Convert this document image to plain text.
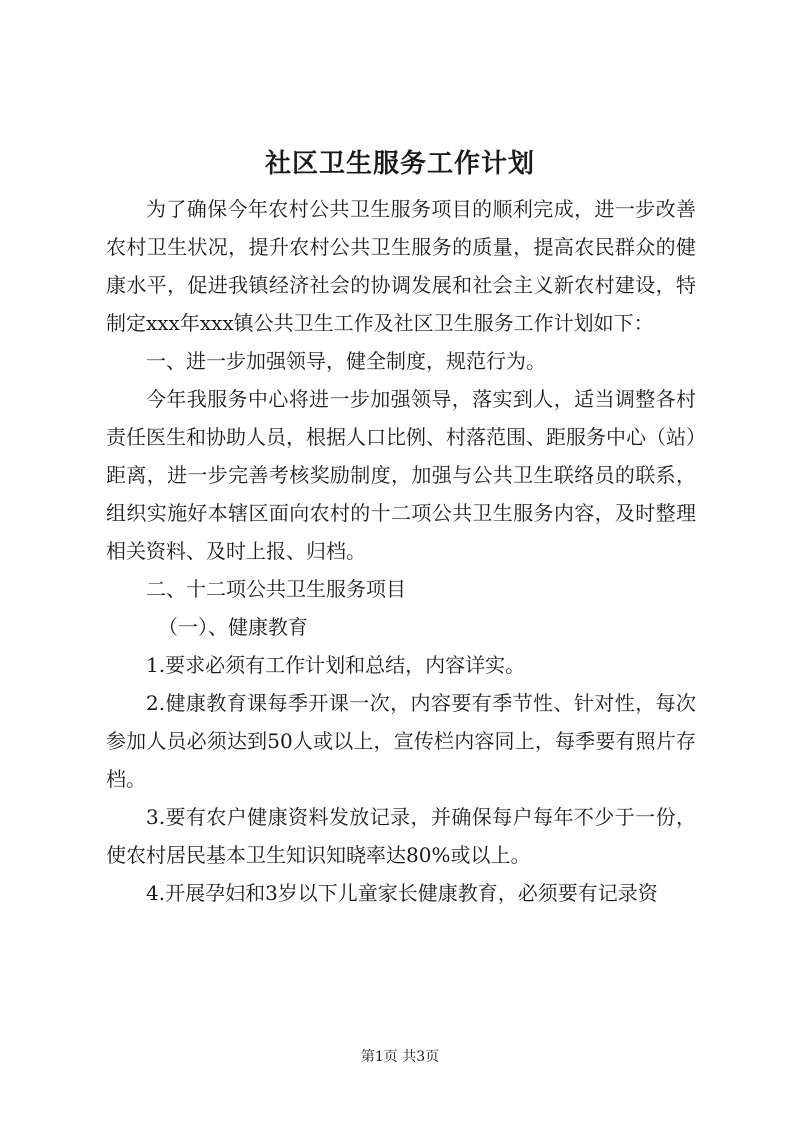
社区卫生服务工作计划

为了确保今年农村公共卫生服务项目的顺利完成，进一步改善农村卫生状况，提升农村公共卫生服务的质量，提高农民群众的健康水平，促进我镇经济社会的协调发展和社会主义新农村建设，特制定xxx年xxx镇公共卫生工作及社区卫生服务工作计划如下：

一、进一步加强领导，健全制度，规范行为。

今年我服务中心将进一步加强领导，落实到人，适当调整各村责任医生和协助人员，根据人口比例、村落范围、距服务中心（站）距离，进一步完善考核奖励制度，加强与公共卫生联络员的联系，组织实施好本辖区面向农村的十二项公共卫生服务内容，及时整理相关资料、及时上报、归档。

二、十二项公共卫生服务项目

（一）、健康教育

1.要求必须有工作计划和总结，内容详实。

2.健康教育课每季开课一次，内容要有季节性、针对性，每次参加人员必须达到50人或以上，宣传栏内容同上，每季要有照片存档。

3.要有农户健康资料发放记录，并确保每户每年不少于一份，使农村居民基本卫生知识知晓率达80%或以上。

4.开展孕妇和3岁以下儿童家长健康教育，必须要有记录资

第1页 共3页
